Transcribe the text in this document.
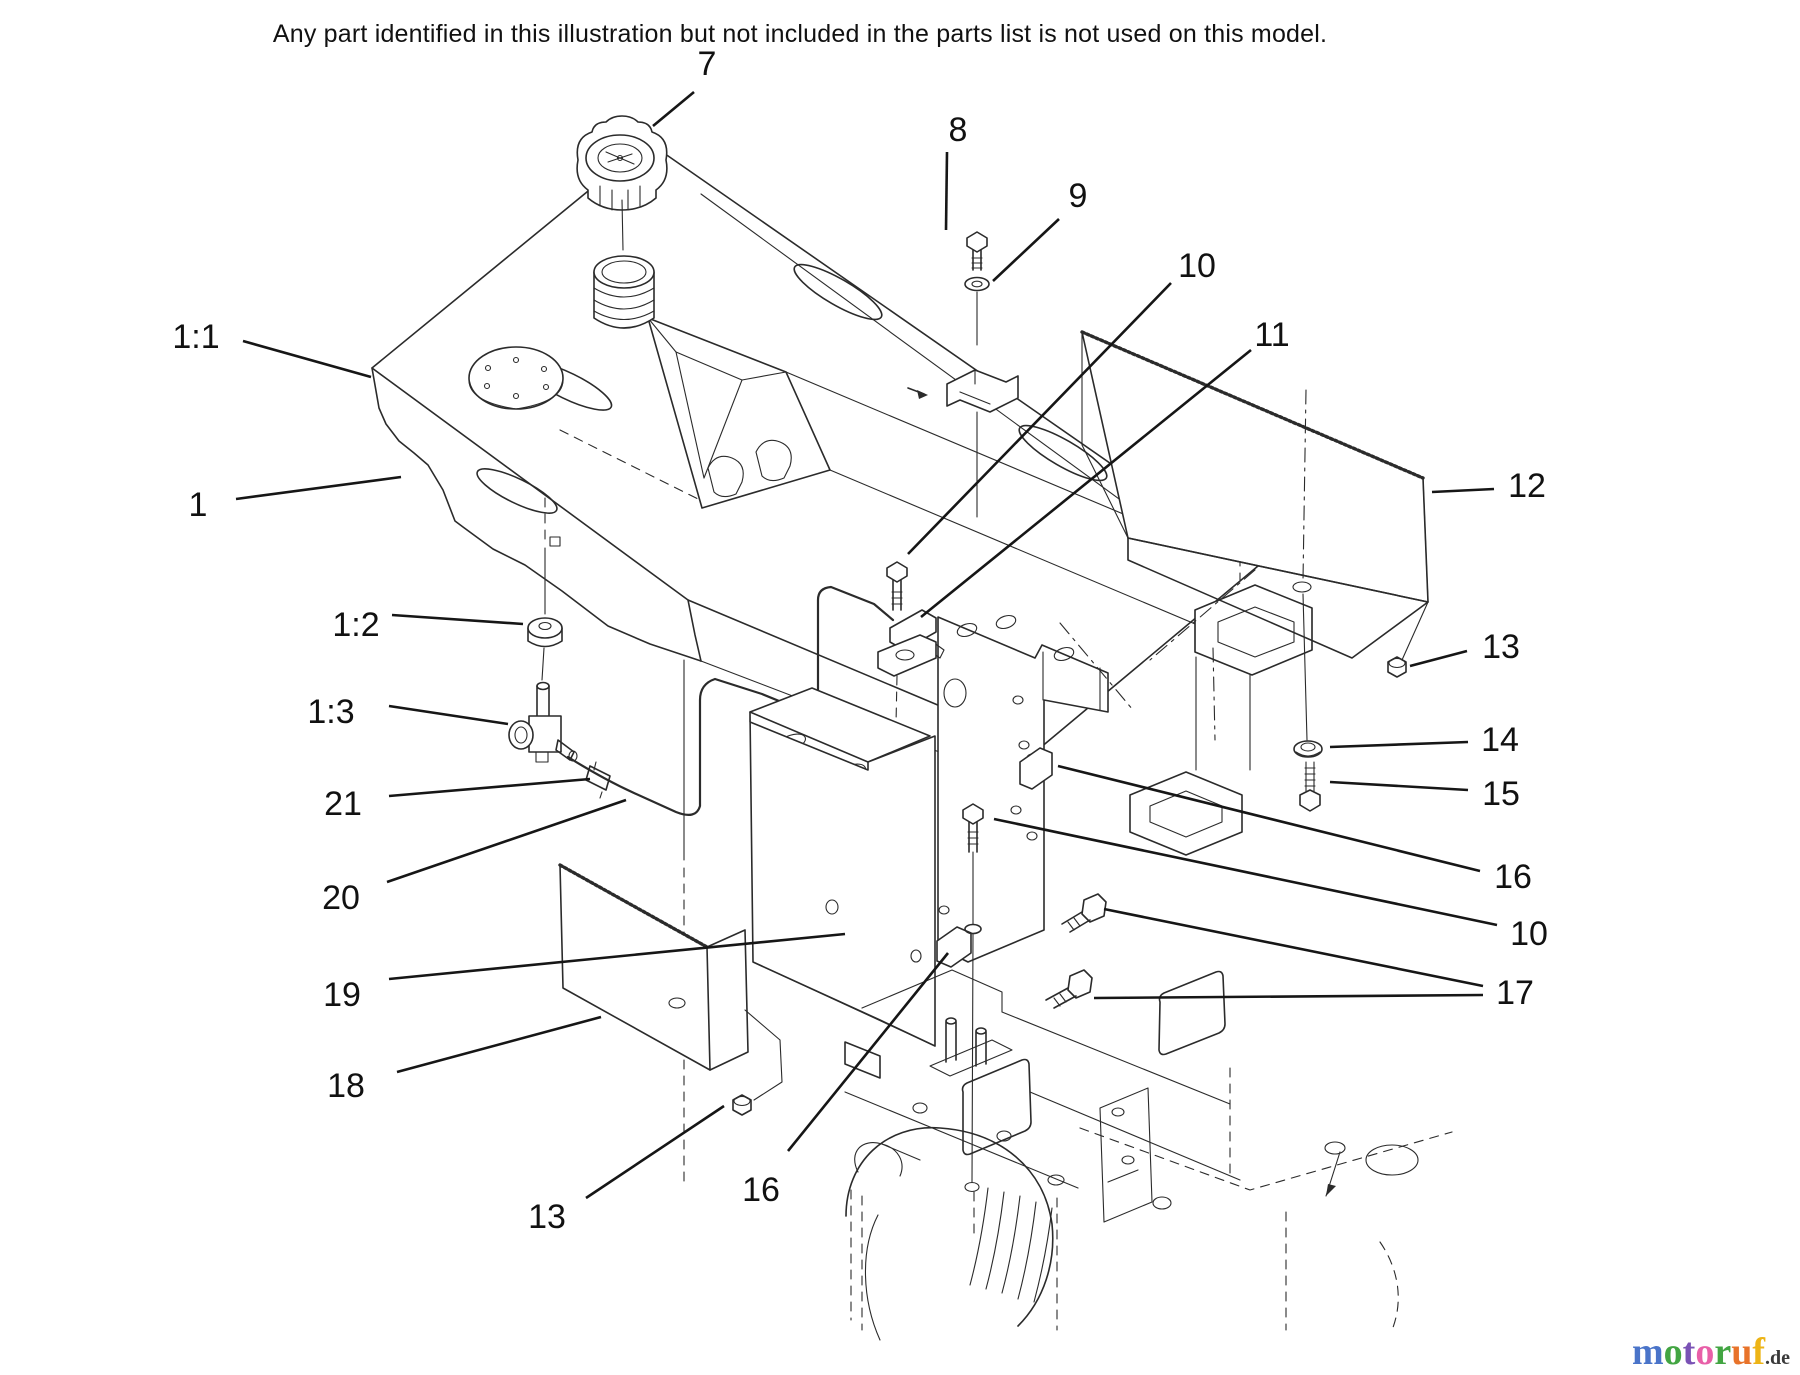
Any part identified in this illustration but not included in the parts list is not used on this model.
7
8
9
10
11
12
13
14
15
16
10
17
1:1
1
1:2
1:3
21
20
19
18
13
16
motoruf.de
